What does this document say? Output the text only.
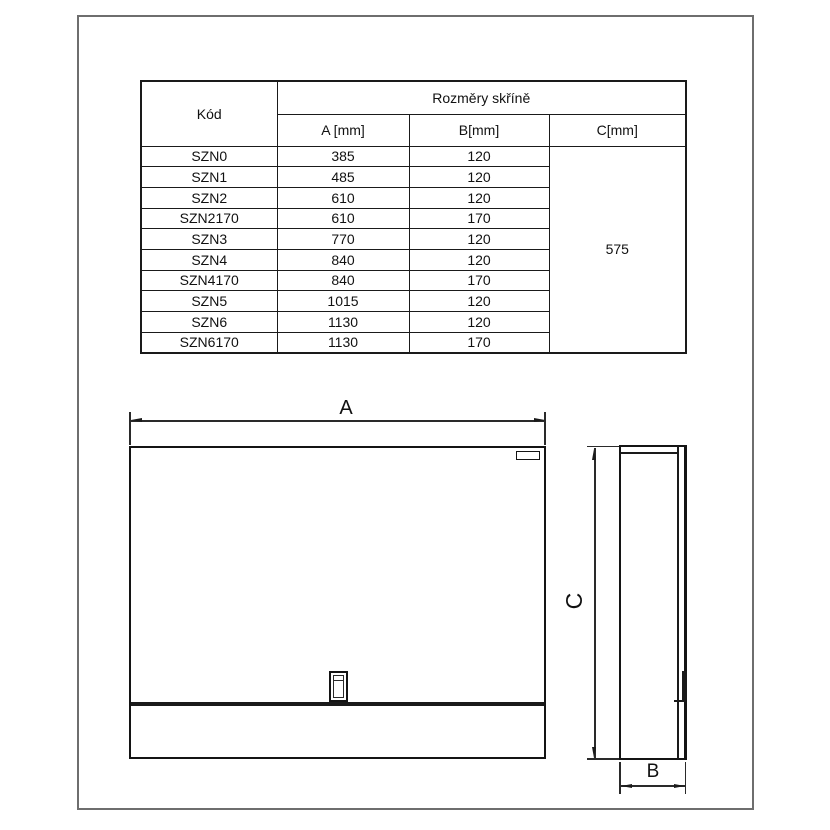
Kód	Rozměry skříně		
	A [mm]	B[mm]	C[mm]
SZN0	385	120	575
SZN1	485	120	
SZN2	610	120	
SZN2170	610	170	
SZN3	770	120	
SZN4	840	120	
SZN4170	840	170	
SZN5	1015	120	
SZN6	1130	120	
SZN6170	1130	170	
A
C
B
